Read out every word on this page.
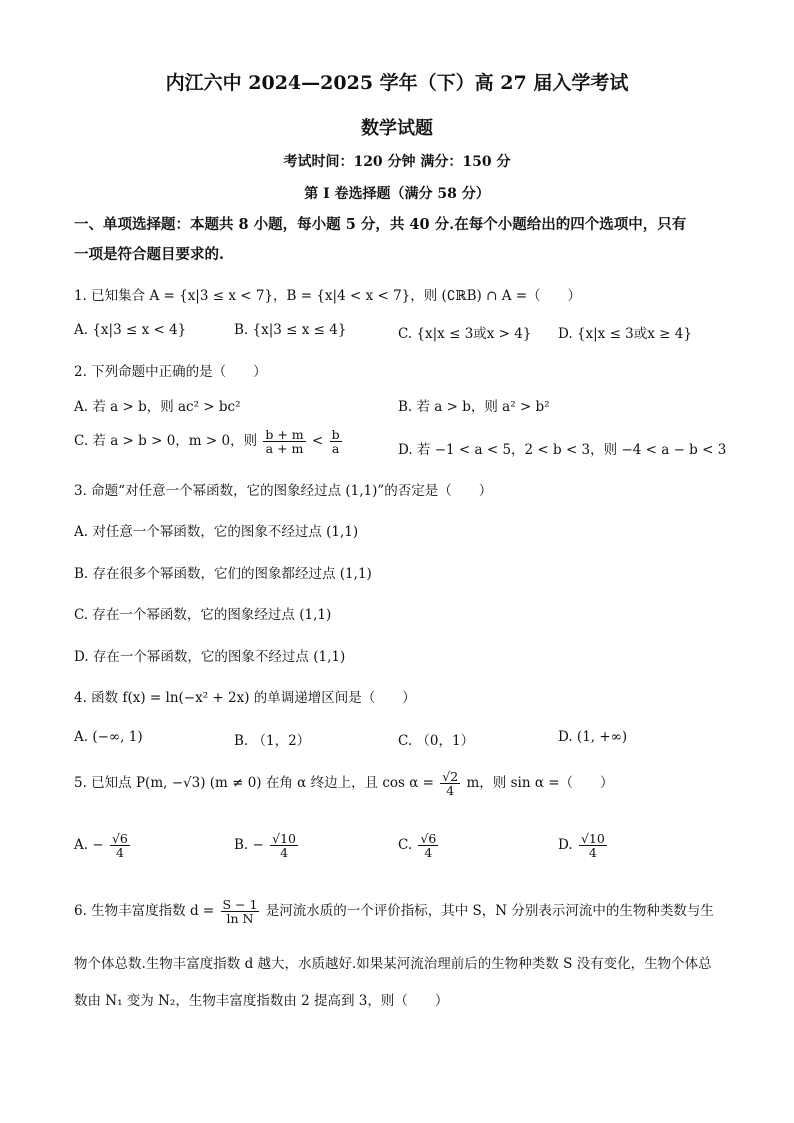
内江六中 2024—2025 学年（下）高 27 届入学考试
数学试题
考试时间：120 分钟 满分：150 分
第 I 卷选择题（满分 58 分）
一、单项选择题：本题共 8 小题，每小题 5 分，共 40 分.在每个小题给出的四个选项中，只有
一项是符合题目要求的.
1. 已知集合 A = {x|3 ≤ x < 7}，B = {x|4 < x < 7}，则 (∁ℝB) ∩ A =（　　）
A. {x|3 ≤ x < 4}	B. {x|3 ≤ x ≤ 4}	C. {x|x ≤ 3或x > 4} D. {x|x ≤ 3或x ≥ 4}
2. 下列命题中正确的是（　　）
A. 若 a > b，则 ac² > bc²	B. 若 a > b，则 a² > b²
C. 若 a > b > 0，m > 0，则 $\frac{b + m}{a + m} < \frac{b}{a}$	D. 若 −1 < a < 5，2 < b < 3，则 −4 < a − b < 3
3. 命题“对任意一个幂函数，它的图象经过点 (1,1)”的否定是（　　）
A. 对任意一个幂函数，它的图象不经过点 (1,1)
B. 存在很多个幂函数，它们的图象都经过点 (1,1)
C. 存在一个幂函数，它的图象经过点 (1,1)
D. 存在一个幂函数，它的图象不经过点 (1,1)
4. 函数 f(x) = ln(−x² + 2x) 的单调递增区间是（　　）
A. (−∞, 1)	B. （1，2）	C. （0，1）	D. (1, +∞)
5. 已知点 P(m, −√3) (m ≠ 0) 在角 α 终边上，且 $\cos \alpha = \frac{√2}{4}$ m，则 sin α =（　　）
A. − $\frac{√6}{4}$	B. − $\frac{√10}{4}$	C. $\frac{√6}{4}$	D. $\frac{√10}{4}$
6. 生物丰富度指数 $d = \frac{S - 1}{\text{ln N}}$ 是河流水质的一个评价指标，其中 S，N 分别表示河流中的生物种类数与生
物个体总数.生物丰富度指数 d 越大，水质越好.如果某河流治理前后的生物种类数 S 没有变化，生物个体总
数由 N₁ 变为 N₂，生物丰富度指数由 2 提高到 3，则（　　）
